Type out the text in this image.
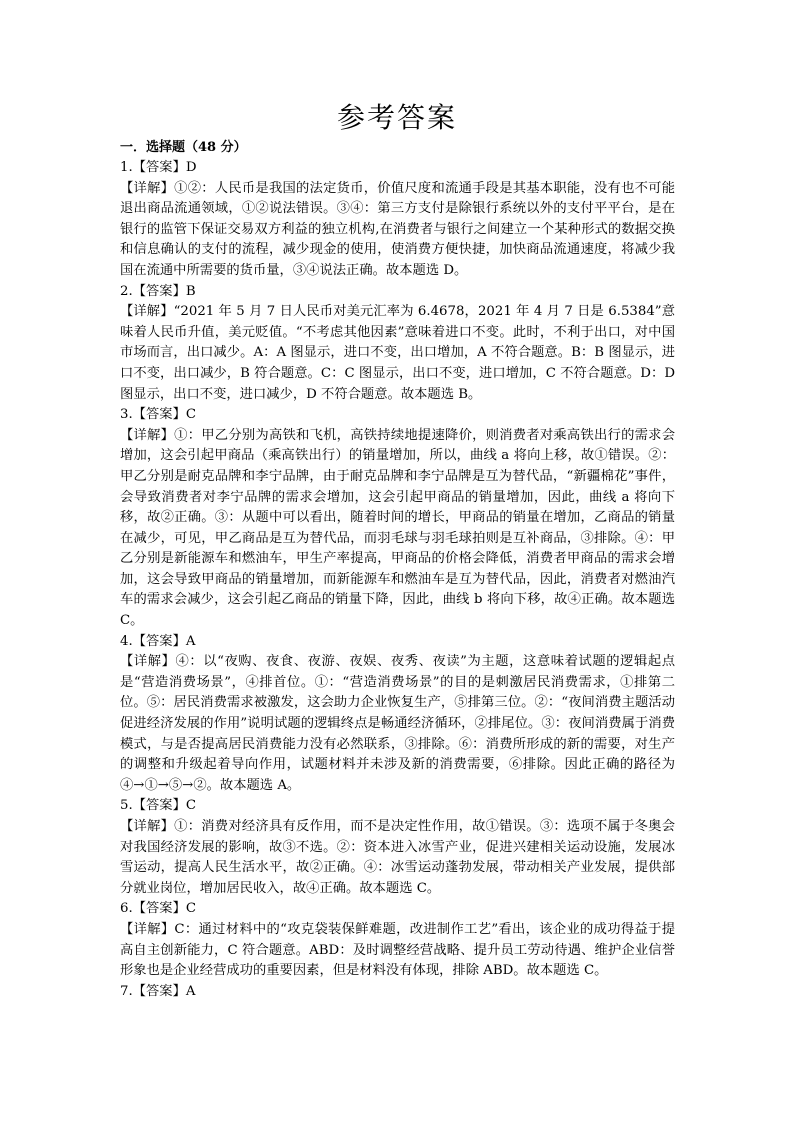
参考答案
一．选择题（48 分）
1.【答案】D

【详解】①②：人民币是我国的法定货币，价值尺度和流通手段是其基本职能，没有也不可能退出商品流通领域，①②说法错误。③④：第三方支付是除银行系统以外的支付平平台，是在银行的监管下保证交易双方利益的独立机构,在消费者与银行之间建立一个某种形式的数据交换和信息确认的支付的流程，减少现金的使用，使消费方便快捷，加快商品流通速度，将减少我国在流通中所需要的货币量，③④说法正确。故本题选 D。

2.【答案】B

【详解】“2021 年 5 月 7 日人民币对美元汇率为 6.4678，2021 年 4 月 7 日是 6.5384”意味着人民币升值，美元贬值。“不考虑其他因素”意味着进口不变。此时，不利于出口，对中国市场而言，出口减少。A：A 图显示，进口不变，出口增加，A 不符合题意。B：B 图显示，进口不变，出口减少，B 符合题意。C：C 图显示，出口不变，进口增加，C 不符合题意。D：D 图显示，出口不变，进口减少，D 不符合题意。故本题选 B。

3.【答案】C

【详解】①：甲乙分别为高铁和飞机，高铁持续地提速降价，则消费者对乘高铁出行的需求会增加，这会引起甲商品（乘高铁出行）的销量增加，所以，曲线 a 将向上移，故①错误。②：甲乙分别是耐克品牌和李宁品牌，由于耐克品牌和李宁品牌是互为替代品，“新疆棉花”事件，会导致消费者对李宁品牌的需求会增加，这会引起甲商品的销量增加，因此，曲线 a 将向下移，故②正确。③：从题中可以看出，随着时间的增长，甲商品的销量在增加，乙商品的销量在减少，可见，甲乙商品是互为替代品，而羽毛球与羽毛球拍则是互补商品，③排除。④：甲乙分别是新能源车和燃油车，甲生产率提高，甲商品的价格会降低，消费者甲商品的需求会增加，这会导致甲商品的销量增加，而新能源车和燃油车是互为替代品，因此，消费者对燃油汽车的需求会减少，这会引起乙商品的销量下降，因此，曲线 b 将向下移，故④正确。故本题选 C。

4.【答案】A

【详解】④：以“夜购、夜食、夜游、夜娱、夜秀、夜读”为主题，这意味着试题的逻辑起点是“营造消费场景”，④排首位。①：“营造消费场景”的目的是刺激居民消费需求，①排第二位。⑤：居民消费需求被激发，这会助力企业恢复生产，⑤排第三位。②：“夜间消费主题活动促进经济发展的作用”说明试题的逻辑终点是畅通经济循环，②排尾位。③：夜间消费属于消费模式，与是否提高居民消费能力没有必然联系，③排除。⑥：消费所形成的新的需要，对生产的调整和升级起着导向作用，试题材料并未涉及新的消费需要，⑥排除。因此正确的路径为④→①→⑤→②。故本题选 A。

5.【答案】C

【详解】①：消费对经济具有反作用，而不是决定性作用，故①错误。③：选项不属于冬奥会对我国经济发展的影响，故③不选。②：资本进入冰雪产业，促进兴建相关运动设施，发展冰雪运动，提高人民生活水平，故②正确。④：冰雪运动蓬勃发展，带动相关产业发展，提供部分就业岗位，增加居民收入，故④正确。故本题选 C。

6.【答案】C

【详解】C：通过材料中的“攻克袋装保鲜难题，改进制作工艺”看出，该企业的成功得益于提高自主创新能力，C 符合题意。ABD：及时调整经营战略、提升员工劳动待遇、维护企业信誉形象也是企业经营成功的重要因素，但是材料没有体现，排除 ABD。故本题选 C。

7.【答案】A
